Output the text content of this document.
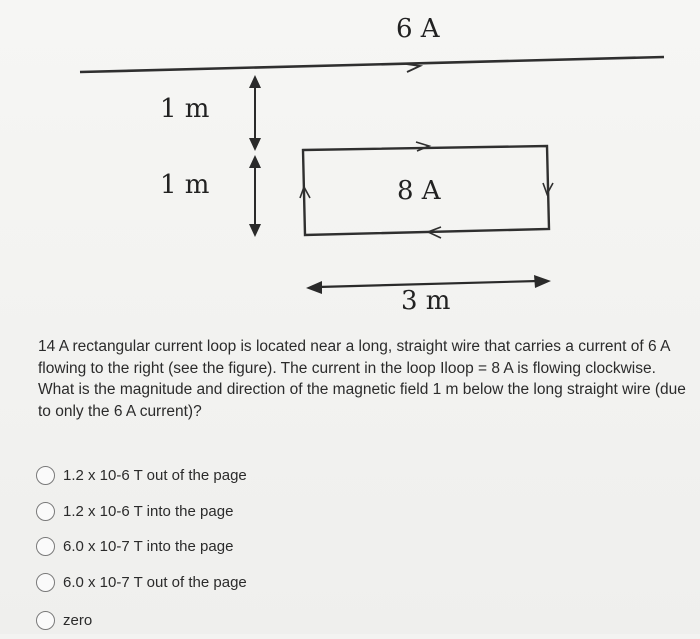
6 A
1 m
1 m	8 A
3 m
14 A rectangular current loop is located near a long, straight wire that carries a current of 6 A flowing to the right (see the figure). The current in the loop Iloop = 8 A is flowing clockwise. What is the magnitude and direction of the magnetic field 1 m below the long straight wire (due to only the 6 A current)?
1.2 x 10-6 T out of the page
1.2 x 10-6 T into the page
6.0 x 10-7 T into the page
6.0 x 10-7 T out of the page
zero
